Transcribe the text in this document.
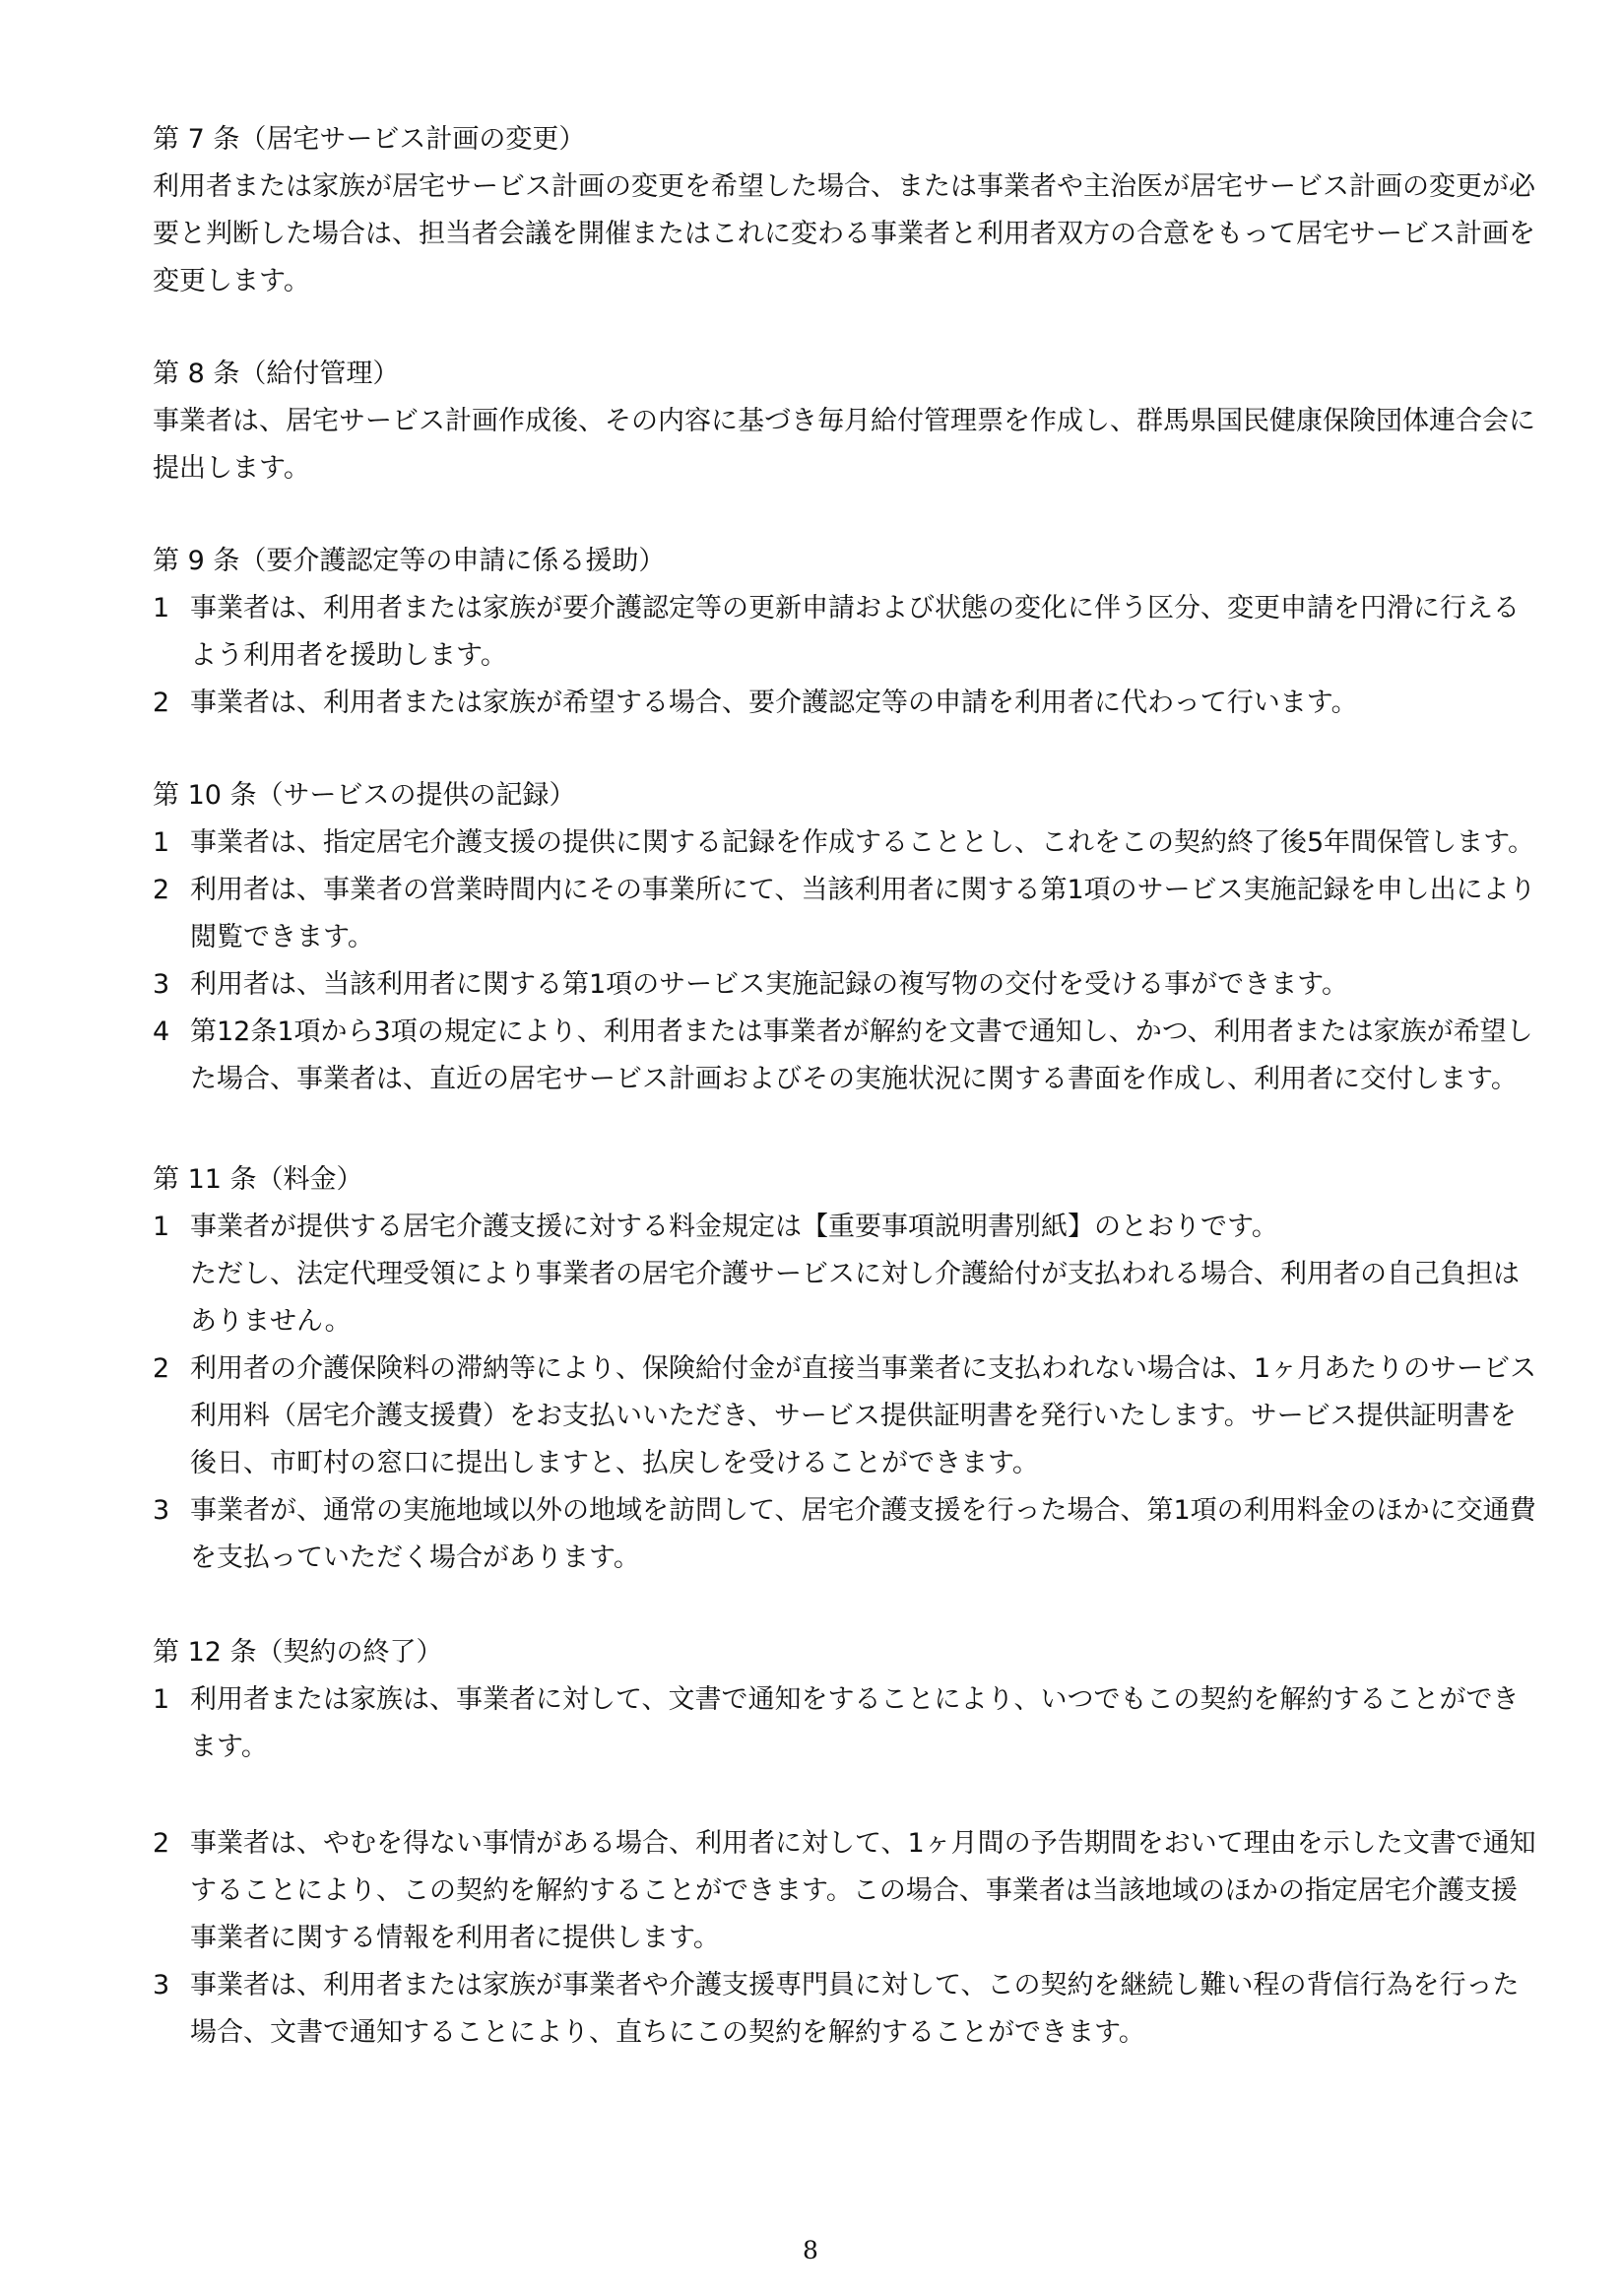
第 7 条（居宅サービス計画の変更）

利用者または家族が居宅サービス計画の変更を希望した場合、または事業者や主治医が居宅サービス計画の変更が必要と判断した場合は、担当者会議を開催またはこれに変わる事業者と利用者双方の合意をもって居宅サービス計画を変更します。

第 8 条（給付管理）

事業者は、居宅サービス計画作成後、その内容に基づき毎月給付管理票を作成し、群馬県国民健康保険団体連合会に提出します。

第 9 条（要介護認定等の申請に係る援助）
1 事業者は、利用者または家族が要介護認定等の更新申請および状態の変化に伴う区分、変更申請を円滑に行えるよう利用者を援助します。
2 事業者は、利用者または家族が希望する場合、要介護認定等の申請を利用者に代わって行います。
第 10 条（サービスの提供の記録）
1 事業者は、指定居宅介護支援の提供に関する記録を作成することとし、これをこの契約終了後5年間保管します。
2 利用者は、事業者の営業時間内にその事業所にて、当該利用者に関する第1項のサービス実施記録を申し出により閲覧できます。
3 利用者は、当該利用者に関する第1項のサービス実施記録の複写物の交付を受ける事ができます。
4 第12条1項から3項の規定により、利用者または事業者が解約を文書で通知し、かつ、利用者または家族が希望した場合、事業者は、直近の居宅サービス計画およびその実施状況に関する書面を作成し、利用者に交付します。
第 11 条（料金）
1 事業者が提供する居宅介護支援に対する料金規定は【重要事項説明書別紙】のとおりです。
ただし、法定代理受領により事業者の居宅介護サービスに対し介護給付が支払われる場合、利用者の自己負担はありません。
2 利用者の介護保険料の滞納等により、保険給付金が直接当事業者に支払われない場合は、1ヶ月あたりのサービス利用料（居宅介護支援費）をお支払いいただき、サービス提供証明書を発行いたします。サービス提供証明書を後日、市町村の窓口に提出しますと、払戻しを受けることができます。
3 事業者が、通常の実施地域以外の地域を訪問して、居宅介護支援を行った場合、第1項の利用料金のほかに交通費を支払っていただく場合があります。
第 12 条（契約の終了）
1 利用者または家族は、事業者に対して、文書で通知をすることにより、いつでもこの契約を解約することができます。
2 事業者は、やむを得ない事情がある場合、利用者に対して、1ヶ月間の予告期間をおいて理由を示した文書で通知することにより、この契約を解約することができます。この場合、事業者は当該地域のほかの指定居宅介護支援事業者に関する情報を利用者に提供します。
3 事業者は、利用者または家族が事業者や介護支援専門員に対して、この契約を継続し難い程の背信行為を行った場合、文書で通知することにより、直ちにこの契約を解約することができます。
8
